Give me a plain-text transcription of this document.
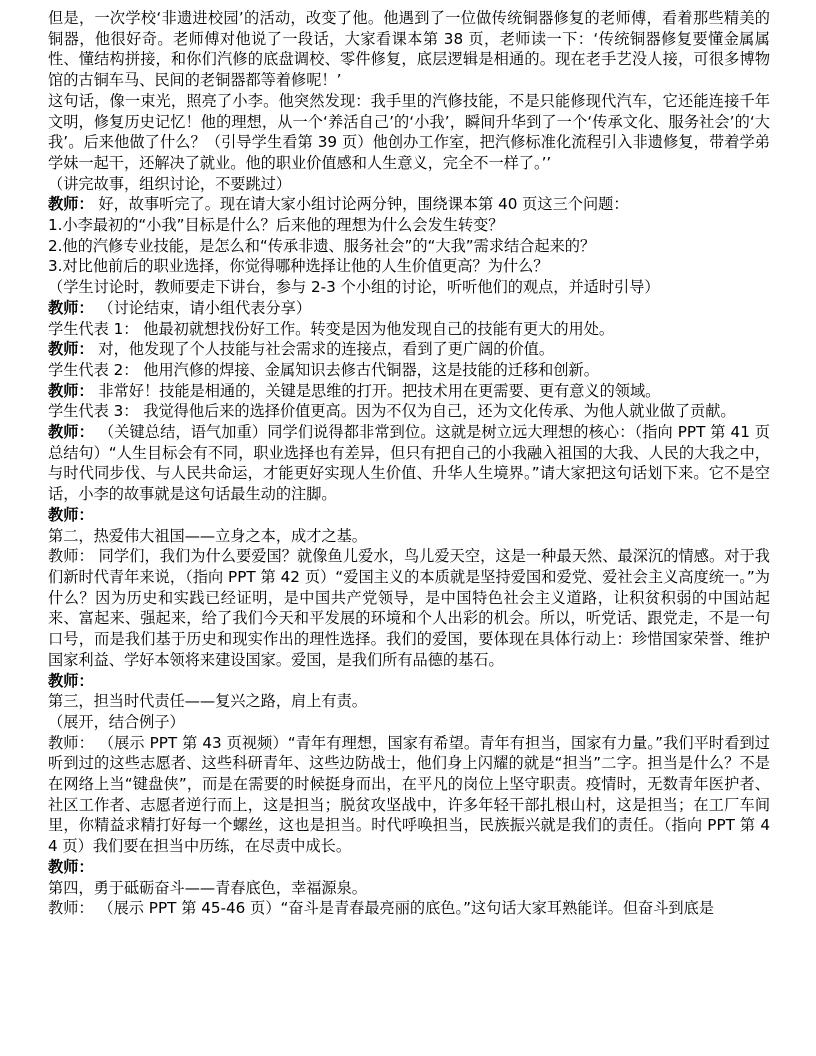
但是，一次学校‘非遗进校园’的活动，改变了他。他遇到了一位做传统铜器修复的老师傅，看着那些精美的铜器，他很好奇。老师傅对他说了一段话，大家看课本第 38 页，老师读一下：‘传统铜器修复要懂金属属性、懂结构拼接，和你们汽修的底盘调校、零件修复，底层逻辑是相通的。现在老手艺没人接，可很多博物馆的古铜车马、民间的老铜器都等着修呢！’

这句话，像一束光，照亮了小李。他突然发现：我手里的汽修技能，不是只能修现代汽车，它还能连接千年文明，修复历史记忆！他的理想，从一个‘养活自己’的‘小我’，瞬间升华到了一个‘传承文化、服务社会’的‘大我’。后来他做了什么？（引导学生看第 39 页）他创办工作室，把汽修标准化流程引入非遗修复，带着学弟学妹一起干，还解决了就业。他的职业价值感和人生意义，完全不一样了。’’

（讲完故事，组织讨论，不要跳过）

教师： 好，故事听完了。现在请大家小组讨论两分钟，围绕课本第 40 页这三个问题：

1.小李最初的“小我”目标是什么？后来他的理想为什么会发生转变？

2.他的汽修专业技能，是怎么和“传承非遗、服务社会”的“大我”需求结合起来的？

3.对比他前后的职业选择，你觉得哪种选择让他的人生价值更高？为什么？

（学生讨论时，教师要走下讲台，参与 2-3 个小组的讨论，听听他们的观点，并适时引导）

教师： （讨论结束，请小组代表分享）

学生代表 1： 他最初就想找份好工作。转变是因为他发现自己的技能有更大的用处。

教师： 对，他发现了个人技能与社会需求的连接点，看到了更广阔的价值。

学生代表 2： 他用汽修的焊接、金属知识去修古代铜器，这是技能的迁移和创新。

教师： 非常好！技能是相通的，关键是思维的打开。把技术用在更需要、更有意义的领域。

学生代表 3： 我觉得他后来的选择价值更高。因为不仅为自己，还为文化传承、为他人就业做了贡献。

教师： （关键总结，语气加重）同学们说得都非常到位。这就是树立远大理想的核心：（指向 PPT 第 41 页总结句）“人生目标会有不同，职业选择也有差异，但只有把自己的小我融入祖国的大我、人民的大我之中，与时代同步伐、与人民共命运，才能更好实现人生价值、升华人生境界。”请大家把这句话划下来。它不是空话，小李的故事就是这句话最生动的注脚。

教师：

第二，热爱伟大祖国——立身之本，成才之基。

教师： 同学们，我们为什么要爱国？就像鱼儿爱水，鸟儿爱天空，这是一种最天然、最深沉的情感。对于我们新时代青年来说，（指向 PPT 第 42 页）“爱国主义的本质就是坚持爱国和爱党、爱社会主义高度统一。”为什么？因为历史和实践已经证明，是中国共产党领导，是中国特色社会主义道路，让积贫积弱的中国站起来、富起来、强起来，给了我们今天和平发展的环境和个人出彩的机会。所以，听党话、跟党走，不是一句口号，而是我们基于历史和现实作出的理性选择。我们的爱国，要体现在具体行动上：珍惜国家荣誉、维护国家利益、学好本领将来建设国家。爱国，是我们所有品德的基石。

教师：

第三，担当时代责任——复兴之路，肩上有责。

（展开，结合例子）

教师： （展示 PPT 第 43 页视频）“青年有理想，国家有希望。青年有担当，国家有力量。”我们平时看到过听到过的这些志愿者、这些科研青年、这些边防战士，他们身上闪耀的就是“担当”二字。担当是什么？不是在网络上当“键盘侠”，而是在需要的时候挺身而出，在平凡的岗位上坚守职责。疫情时，无数青年医护者、社区工作者、志愿者逆行而上，这是担当；脱贫攻坚战中，许多年轻干部扎根山村，这是担当；在工厂车间里，你精益求精打好每一个螺丝，这也是担当。时代呼唤担当，民族振兴就是我们的责任。（指向 PPT 第 44 页）我们要在担当中历练，在尽责中成长。

教师：

第四，勇于砥砺奋斗——青春底色，幸福源泉。

教师： （展示 PPT 第 45-46 页）“奋斗是青春最亮丽的底色。”这句话大家耳熟能详。但奋斗到底是
